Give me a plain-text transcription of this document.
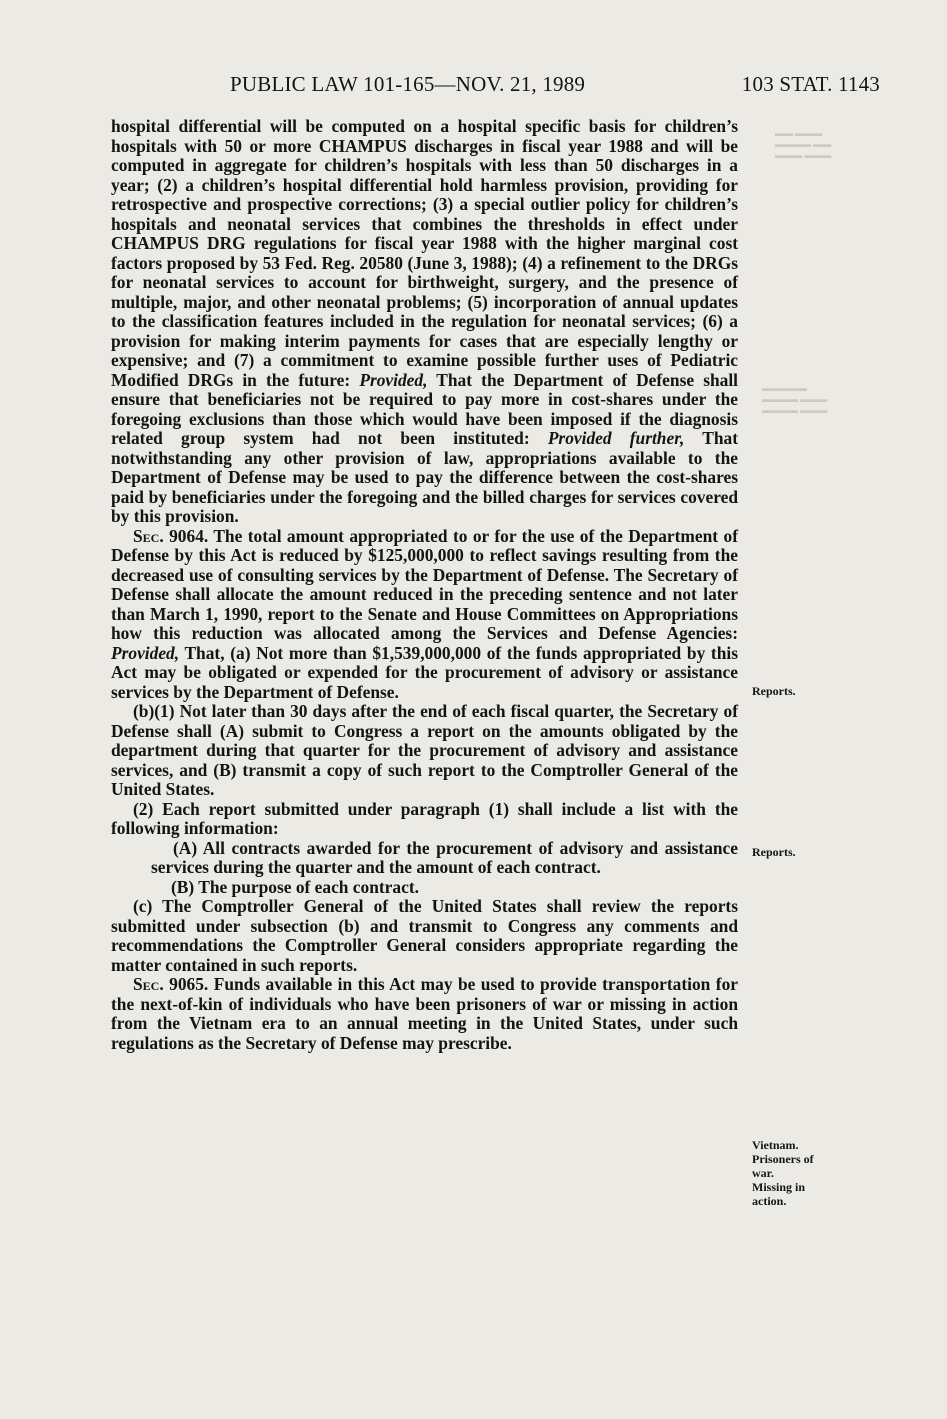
PUBLIC LAW 101-165—NOV. 21, 1989	103 STAT. 1143
▬▬ ▬▬▬
▬▬▬▬ ▬▬
▬▬▬ ▬▬▬
▬▬▬▬▬
▬▬▬▬ ▬▬▬
▬▬▬▬ ▬▬▬

hospital differential will be computed on a hospital specific basis for children’s hospitals with 50 or more CHAMPUS discharges in fiscal year 1988 and will be computed in aggregate for children’s hospitals with less than 50 discharges in a year; (2) a children’s hospital differential hold harmless provision, providing for retrospective and prospective corrections; (3) a special outlier policy for children’s hospitals and neonatal services that combines the thresholds in effect under CHAMPUS DRG regulations for fiscal year 1988 with the higher marginal cost factors proposed by 53 Fed. Reg. 20580 (June 3, 1988); (4) a refinement to the DRGs for neonatal services to account for birthweight, surgery, and the presence of multiple, major, and other neonatal problems; (5) incorporation of annual updates to the classification features included in the regulation for neonatal services; (6) a provision for making interim payments for cases that are especially lengthy or expensive; and (7) a commitment to examine possible further uses of Pediatric Modified DRGs in the future: Provided, That the Department of Defense shall ensure that beneficiaries not be required to pay more in cost-shares under the foregoing exclusions than those which would have been imposed if the diagnosis related group system had not been instituted: Provided further, That notwithstanding any other provision of law, appropriations available to the Department of Defense may be used to pay the difference between the cost-shares paid by beneficiaries under the foregoing and the billed charges for services covered by this provision.

Sec. 9064. The total amount appropriated to or for the use of the Department of Defense by this Act is reduced by $125,000,000 to reflect savings resulting from the decreased use of consulting services by the Department of Defense. The Secretary of Defense shall allocate the amount reduced in the preceding sentence and not later than March 1, 1990, report to the Senate and House Committees on Appropriations how this reduction was allocated among the Services and Defense Agencies: Provided, That, (a) Not more than $1,539,000,000 of the funds appropriated by this Act may be obligated or expended for the procurement of advisory or assistance services by the Department of Defense.

(b)(1) Not later than 30 days after the end of each fiscal quarter, the Secretary of Defense shall (A) submit to Congress a report on the amounts obligated by the department during that quarter for the procurement of advisory and assistance services, and (B) transmit a copy of such report to the Comptroller General of the United States.

(2) Each report submitted under paragraph (1) shall include a list with the following information:

(A) All contracts awarded for the procurement of advisory and assistance services during the quarter and the amount of each contract.

(B) The purpose of each contract.

(c) The Comptroller General of the United States shall review the reports submitted under subsection (b) and transmit to Congress any comments and recommendations the Comptroller General considers appropriate regarding the matter contained in such reports.

Sec. 9065. Funds available in this Act may be used to provide transportation for the next-of-kin of individuals who have been prisoners of war or missing in action from the Vietnam era to an annual meeting in the United States, under such regulations as the Secretary of Defense may prescribe.

Reports.
Reports.
Vietnam.
Prisoners of
war.
Missing in
action.
